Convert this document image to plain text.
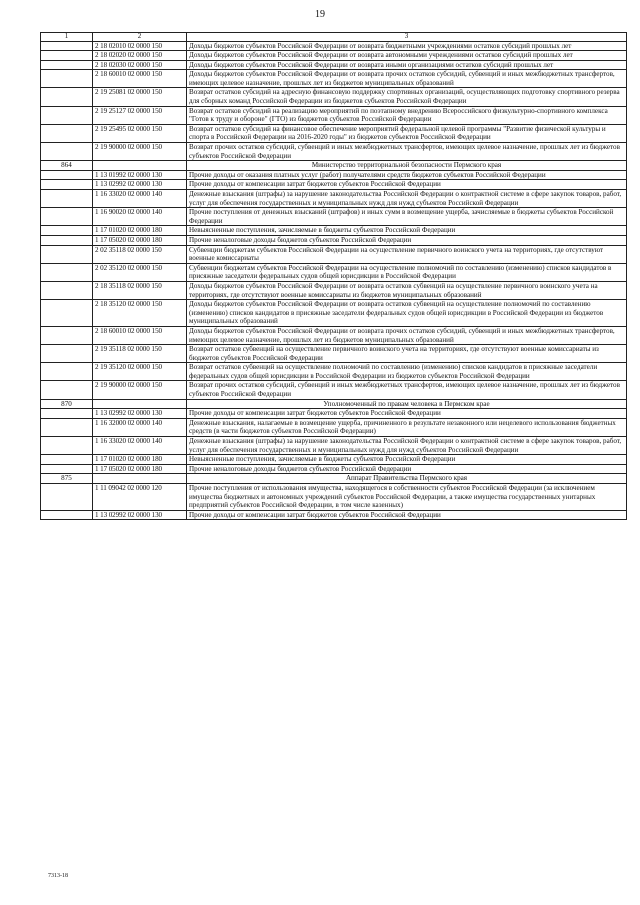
19
1	2	3
	2 18 02010 02 0000 150	Доходы бюджетов субъектов Российской Федерации от возврата бюджетными учреждениями остатков субсидий прошлых лет
	2 18 02020 02 0000 150	Доходы бюджетов субъектов Российской Федерации от возврата автономными учреждениями остатков субсидий прошлых лет
	2 18 02030 02 0000 150	Доходы бюджетов субъектов Российской Федерации от возврата иными организациями остатков субсидий прошлых лет
	2 18 60010 02 0000 150	Доходы бюджетов субъектов Российской Федерации от возврата прочих остатков субсидий, субвенций и иных межбюджетных трансфертов, имеющих целевое назначение, прошлых лет из бюджетов муниципальных образований
	2 19 25081 02 0000 150	Возврат остатков субсидий на адресную финансовую поддержку спортивных организаций, осуществляющих подготовку спортивного резерва для сборных команд Российской Федерации из бюджетов субъектов Российской Федерации
	2 19 25127 02 0000 150	Возврат остатков субсидий на реализацию мероприятий по поэтапному внедрению Всероссийского физкультурно-спортивного комплекса "Готов к труду и обороне" (ГТО) из бюджетов субъектов Российской Федерации
	2 19 25495 02 0000 150	Возврат остатков субсидий на финансовое обеспечение мероприятий федеральной целевой программы "Развитие физической культуры и спорта в Российской Федерации на 2016-2020 годы" из бюджетов субъектов Российской Федерации
	2 19 90000 02 0000 150	Возврат прочих остатков субсидий, субвенций и иных межбюджетных трансфертов, имеющих целевое назначение, прошлых лет из бюджетов субъектов Российской Федерации
864		Министерство территориальной безопасности Пермского края
	1 13 01992 02 0000 130	Прочие доходы от оказания платных услуг (работ) получателями средств бюджетов субъектов Российской Федерации
	1 13 02992 02 0000 130	Прочие доходы от компенсации затрат бюджетов субъектов Российской Федерации
	1 16 33020 02 0000 140	Денежные взыскания (штрафы) за нарушение законодательства Российской Федерации о контрактной системе в сфере закупок товаров, работ, услуг для обеспечения государственных и муниципальных нужд для нужд субъектов Российской Федерации
	1 16 90020 02 0000 140	Прочие поступления от денежных взысканий (штрафов) и иных сумм в возмещение ущерба, зачисляемые в бюджеты субъектов Российской Федерации
	1 17 01020 02 0000 180	Невыясненные поступления, зачисляемые в бюджеты субъектов Российской Федерации
	1 17 05020 02 0000 180	Прочие неналоговые доходы бюджетов субъектов Российской Федерации
	2 02 35118 02 0000 150	Субвенции бюджетам субъектов Российской Федерации на осуществление первичного воинского учета на территориях, где отсутствуют военные комиссариаты
	2 02 35120 02 0000 150	Субвенции бюджетам субъектов Российской Федерации на осуществление полномочий по составлению (изменению) списков кандидатов в присяжные заседатели федеральных судов общей юрисдикции в Российской Федерации
	2 18 35118 02 0000 150	Доходы бюджетов субъектов Российской Федерации от возврата остатков субвенций на осуществление первичного воинского учета на территориях, где отсутствуют военные комиссариаты из бюджетов муниципальных образований
	2 18 35120 02 0000 150	Доходы бюджетов субъектов Российской Федерации от возврата остатков субвенций на осуществление полномочий по составлению (изменению) списков кандидатов в присяжные заседатели федеральных судов общей юрисдикции в Российской Федерации из бюджетов муниципальных образований
	2 18 60010 02 0000 150	Доходы бюджетов субъектов Российской Федерации от возврата прочих остатков субсидий, субвенций и иных межбюджетных трансфертов, имеющих целевое назначение, прошлых лет из бюджетов муниципальных образований
	2 19 35118 02 0000 150	Возврат остатков субвенций на осуществление первичного воинского учета на территориях, где отсутствуют военные комиссариаты из бюджетов субъектов Российской Федерации
	2 19 35120 02 0000 150	Возврат остатков субвенций на осуществление полномочий по составлению (изменению) списков кандидатов в присяжные заседатели федеральных судов общей юрисдикции в Российской Федерации из бюджетов субъектов Российской Федерации
	2 19 90000 02 0000 150	Возврат прочих остатков субсидий, субвенций и иных межбюджетных трансфертов, имеющих целевое назначение, прошлых лет из бюджетов субъектов Российской Федерации
870		Уполномоченный по правам человека в Пермском крае
	1 13 02992 02 0000 130	Прочие доходы от компенсации затрат бюджетов субъектов Российской Федерации
	1 16 32000 02 0000 140	Денежные взыскания, налагаемые в возмещение ущерба, причиненного в результате незаконного или нецелевого использования бюджетных средств (в части бюджетов субъектов Российской Федерации)
	1 16 33020 02 0000 140	Денежные взыскания (штрафы) за нарушение законодательства Российской Федерации о контрактной системе в сфере закупок товаров, работ, услуг для обеспечения государственных и муниципальных нужд для нужд субъектов Российской Федерации
	1 17 01020 02 0000 180	Невыясненные поступления, зачисляемые в бюджеты субъектов Российской Федерации
	1 17 05020 02 0000 180	Прочие неналоговые доходы бюджетов субъектов Российской Федерации
875		Аппарат Правительства Пермского края
	1 11 09042 02 0000 120	Прочие поступления от использования имущества, находящегося в собственности субъектов Российской Федерации (за исключением имущества бюджетных и автономных учреждений субъектов Российской Федерации, а также имущества государственных унитарных предприятий субъектов Российской Федерации, в том числе казенных)
	1 13 02992 02 0000 130	Прочие доходы от компенсации затрат бюджетов субъектов Российской Федерации
7313-18
